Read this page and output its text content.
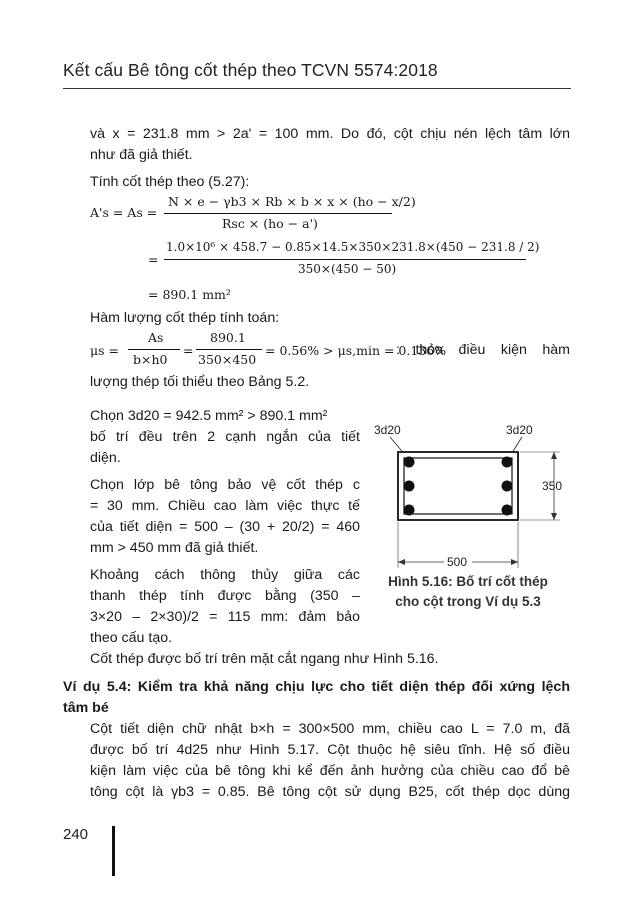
Kết cấu Bê tông cốt thép theo TCVN 5574:2018
và x = 231.8 mm > 2a' = 100 mm. Do đó, cột chịu nén lệch tâm lớn
như đã giả thiết.
Tính cốt thép theo (5.27):
A's = As =
N × e − γb3 × Rb × b × x × (ho − x/2)
Rsc × (ho − a')
=
1.0×10⁶ × 458.7 − 0.85×14.5×350×231.8×(450 − 231.8 / 2)
350×(450 − 50)
= 890.1 mm²
Hàm lượng cốt thép tính toán:
μs =
As
b×h0
=
890.1
350×450
= 0.56% > μs,min = 0.136%
: thỏa điều kiện hàm
lượng thép tối thiểu theo Bảng 5.2.
Chọn 3d20 = 942.5 mm² > 890.1 mm²
bố trí đều trên 2 cạnh ngắn của tiết
diện.
Chọn lớp bê tông bảo vệ cốt thép c
= 30 mm. Chiều cao làm việc thực tế
của tiết diện = 500 – (30 + 20/2) = 460
mm > 450 mm đã giả thiết.
Khoảng cách thông thủy giữa các
thanh thép tính được bằng (350 –
3×20 – 2×30)/2 = 115 mm: đảm bảo
theo cấu tạo.
3d20	3d20
350
500
Hình 5.16: Bố trí cốt thép
cho cột trong Ví dụ 5.3
Cốt thép được bố trí trên mặt cắt ngang như Hình 5.16.
Ví dụ 5.4: Kiểm tra khả năng chịu lực cho tiết diện thép đối xứng lệch
tâm bé
Cột tiết diện chữ nhật b×h = 300×500 mm, chiều cao L = 7.0 m, đã
được bố trí 4d25 như Hình 5.17. Cột thuộc hệ siêu tĩnh. Hệ số điều
kiện làm việc của bê tông khi kể đến ảnh hưởng của chiều cao đổ bê
tông cột là γb3 = 0.85. Bê tông cột sử dụng B25, cốt thép dọc dùng
240
